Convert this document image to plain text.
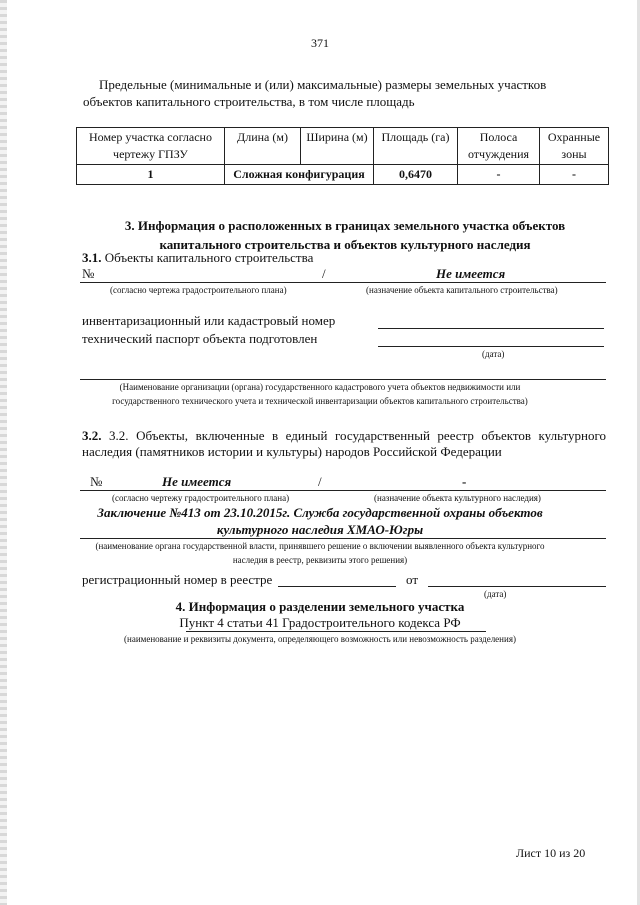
371
Предельные (минимальные и (или) максимальные) размеры земельных участков
объектов капитального строительства, в том числе площадь
Номер участка согласно чертежу ГПЗУ	Длина (м)	Ширина (м)	Площадь (га)	Полоса отчуждения	Охранные зоны
1	Сложная конфигурация		0,6470	-	-
3. Информация о расположенных в границах земельного участка объектов капитального строительства и объектов культурного наследия
3.1. Объекты капитального строительства
№	/	Не имеется
(согласно чертежа градостроительного плана)	(назначение объекта капитального строительства)
инвентаризационный или кадастровый номер
технический паспорт объекта подготовлен
(дата)
(Наименование организации (органа) государственного кадастрового учета объектов недвижимости или
государственного технического учета и технической инвентаризации объектов капитального строительства)
3.2. 3.2. Объекты, включенные в единый государственный реестр объектов культурного
наследия (памятников истории и культуры) народов Российской Федерации
№	Не имеется	/	-
(согласно чертежу градостроительного плана)	(назначение объекта культурного наследия)
Заключение №413 от 23.10.2015г. Служба государственной охраны объектов
культурного наследия ХМАО-Югры
(наименование органа государственной власти, принявшего решение о включении выявленного объекта культурного
наследия в реестр, реквизиты этого решения)
регистрационный номер в реестре	от
(дата)
4. Информация о разделении земельного участка
Пункт 4 статьи 41 Градостроительного кодекса РФ
(наименование и реквизиты документа, определяющего возможность или невозможность разделения)
Лист 10 из 20
